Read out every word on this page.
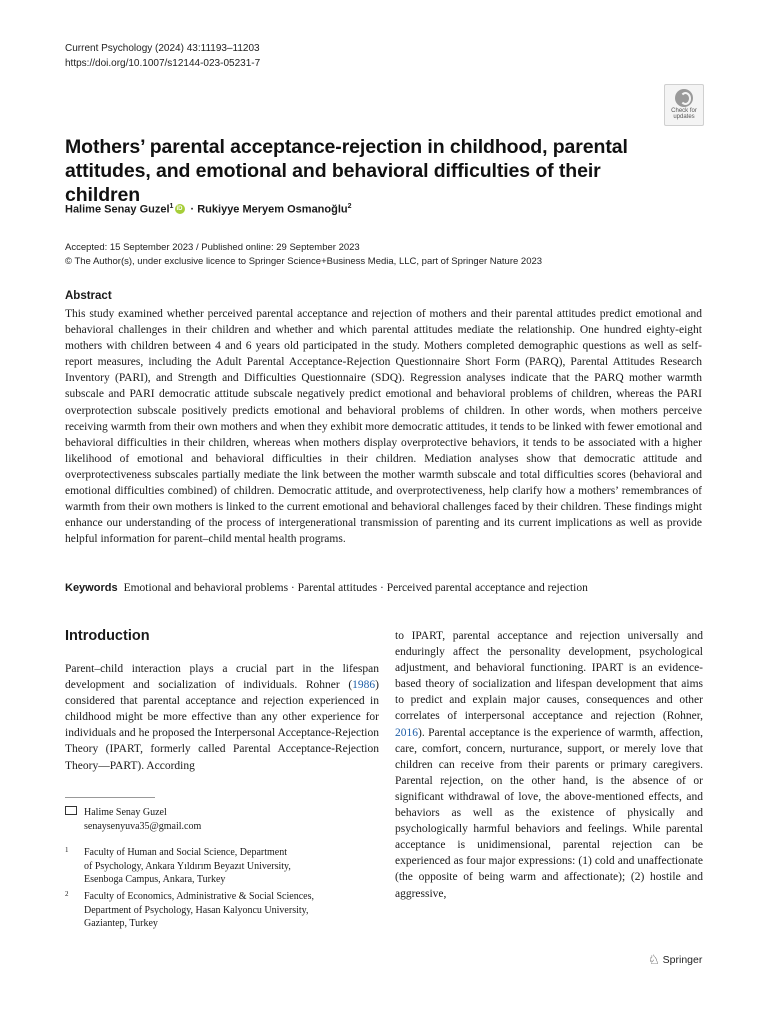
Current Psychology (2024) 43:11193–11203
https://doi.org/10.1007/s12144-023-05231-7
Check for
updates
Mothers’ parental acceptance-rejection in childhood, parental attitudes, and emotional and behavioral difficulties of their children
Halime Senay Guzel$^1$iD · Rukiyye Meryem Osmanoğlu$^2$
Accepted: 15 September 2023 / Published online: 29 September 2023
© The Author(s), under exclusive licence to Springer Science+Business Media, LLC, part of Springer Nature 2023
Abstract
This study examined whether perceived parental acceptance and rejection of mothers and their parental attitudes predict emotional and behavioral challenges in their children and whether and which parental attitudes mediate the relationship. One hundred eighty-eight mothers with children between 4 and 6 years old participated in the study. Mothers completed demographic questions as well as self-report measures, including the Adult Parental Acceptance-Rejection Questionnaire Short Form (PARQ), Parental Attitudes Research Inventory (PARI), and Strength and Difficulties Questionnaire (SDQ). Regression analyses indicate that the PARQ mother warmth subscale and PARI democratic attitude subscale negatively predict emotional and behavioral problems of children, whereas the PARI overprotection subscale positively predicts emotional and behavioral problems of children. In other words, when mothers perceive receiving warmth from their own mothers and when they exhibit more democratic attitudes, it tends to be linked with fewer emotional and behavioral difficulties in their children, whereas when mothers display overprotective behaviors, it tends to be associated with a higher likelihood of emotional and behavioral difficulties in their children. Mediation analyses show that democratic attitude and overprotectiveness subscales partially mediate the link between the mother warmth subscale and total difficulties scores (behavioral and emotional difficulties combined) of children. Democratic attitude, and overprotectiveness, help clarify how a mothers’ remembrances of warmth from their own mothers is linked to the current emotional and behavioral challenges faced by their children. These findings might enhance our understanding of the process of intergenerational transmission of parenting and its current implications as well as provide helpful information for parent–child mental health programs.
Keywords Emotional and behavioral problems · Parental attitudes · Perceived parental acceptance and rejection
Introduction
Parent–child interaction plays a crucial part in the lifespan development and socialization of individuals. Rohner (1986) considered that parental acceptance and rejection experienced in childhood might be more effective than any other experience for individuals and he proposed the Interpersonal Acceptance-Rejection Theory (IPART, formerly called Parental Acceptance-Rejection Theory—PART). According
to IPART, parental acceptance and rejection universally and enduringly affect the personality development, psychological adjustment, and behavioral functioning. IPART is an evidence-based theory of socialization and lifespan development that aims to predict and explain major causes, consequences and other correlates of interpersonal acceptance and rejection (Rohner, 2016). Parental acceptance is the experience of warmth, affection, care, comfort, concern, nurturance, support, or merely love that children can receive from their parents or primary caregivers. Parental rejection, on the other hand, is the absence of or significant withdrawal of love, the above-mentioned effects, and behaviors as well as the existence of physically and psychologically harmful behaviors and feelings. While parental acceptance is unidimensional, parental rejection can be experienced as four major expressions: (1) cold and unaffectionate (the opposite of being warm and affectionate); (2) hostile and aggressive,
Halime Senay Guzel
senaysenyuva35@gmail.com
1 Faculty of Human and Social Science, Department
of Psychology, Ankara Yıldırım Beyazıt University,
Esenboga Campus, Ankara, Turkey
2 Faculty of Economics, Administrative & Social Sciences,
Department of Psychology, Hasan Kalyoncu University,
Gaziantep, Turkey
♘ Springer
